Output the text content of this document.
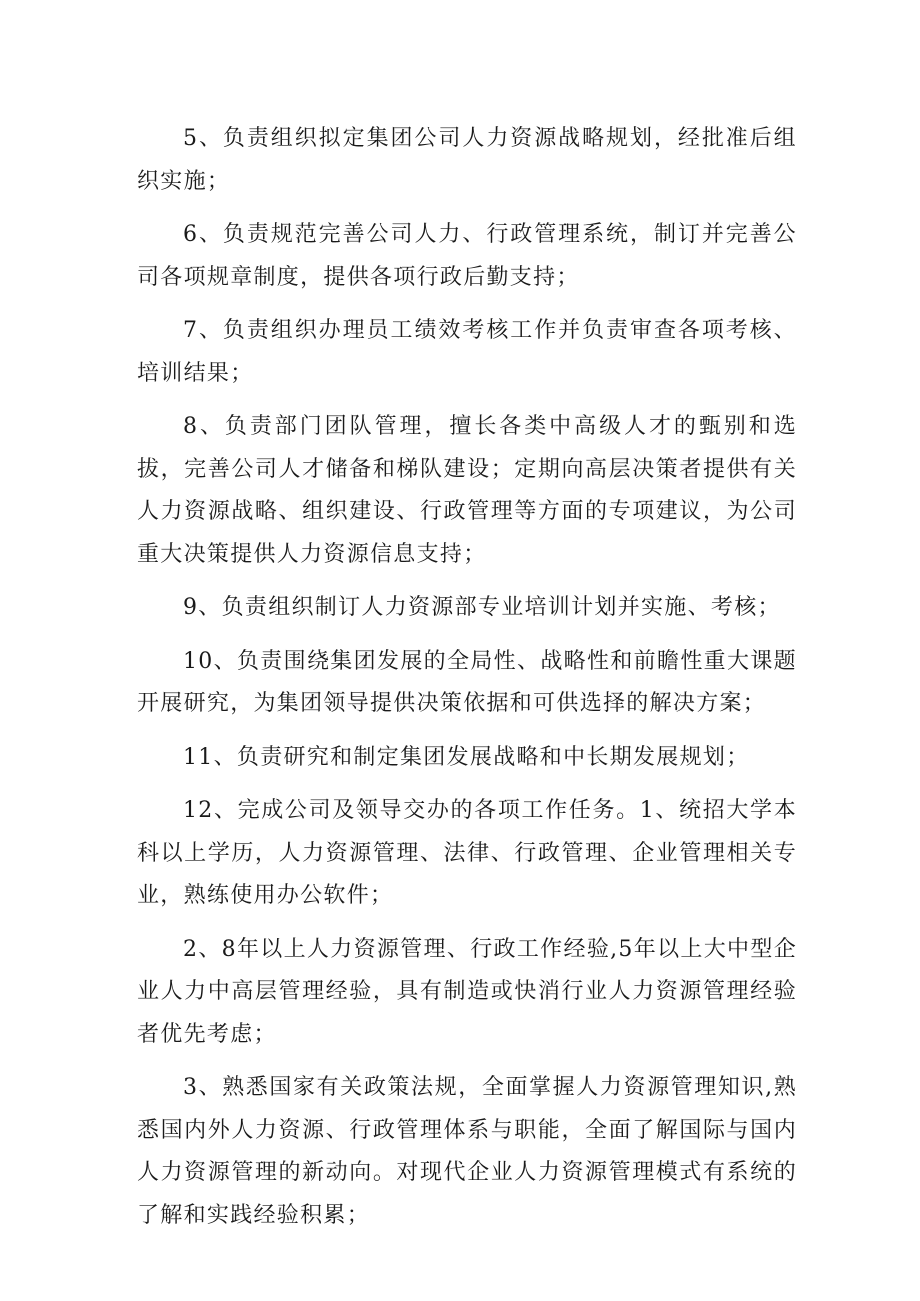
5、负责组织拟定集团公司人力资源战略规划，经批准后组织实施；

6、负责规范完善公司人力、行政管理系统，制订并完善公司各项规章制度，提供各项行政后勤支持；

7、负责组织办理员工绩效考核工作并负责审查各项考核、培训结果；

8、负责部门团队管理，擅长各类中高级人才的甄别和选拔，完善公司人才储备和梯队建设；定期向高层决策者提供有关人力资源战略、组织建设、行政管理等方面的专项建议，为公司重大决策提供人力资源信息支持；

9、负责组织制订人力资源部专业培训计划并实施、考核；

10、负责围绕集团发展的全局性、战略性和前瞻性重大课题开展研究，为集团领导提供决策依据和可供选择的解决方案；

11、负责研究和制定集团发展战略和中长期发展规划；

12、完成公司及领导交办的各项工作任务。1、统招大学本科以上学历，人力资源管理、法律、行政管理、企业管理相关专业，熟练使用办公软件；

2、8年以上人力资源管理、行政工作经验,5年以上大中型企业人力中高层管理经验，具有制造或快消行业人力资源管理经验者优先考虑；

3、熟悉国家有关政策法规，全面掌握人力资源管理知识,熟悉国内外人力资源、行政管理体系与职能，全面了解国际与国内人力资源管理的新动向。对现代企业人力资源管理模式有系统的了解和实践经验积累；
